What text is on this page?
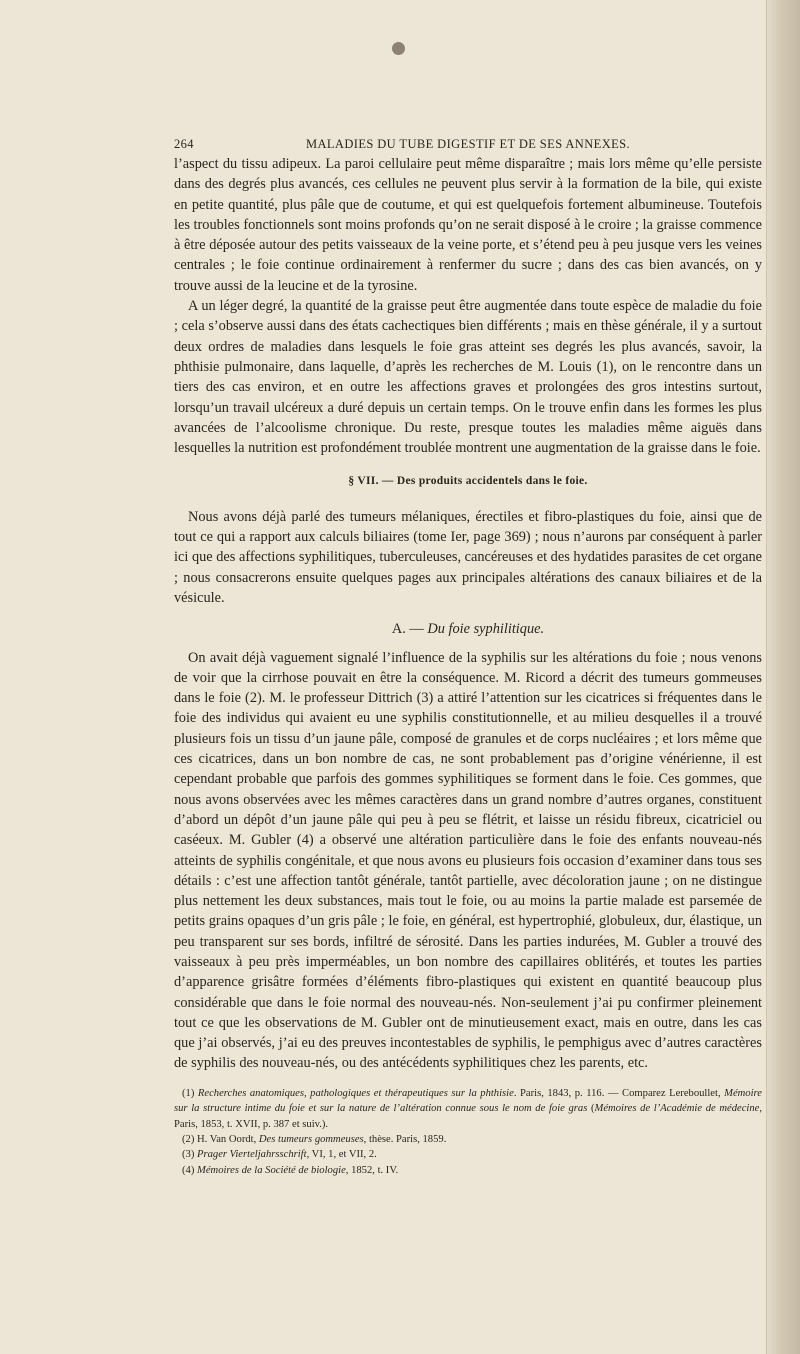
264	MALADIES DU TUBE DIGESTIF ET DE SES ANNEXES.

l’aspect du tissu adipeux. La paroi cellulaire peut même disparaître ; mais lors même qu’elle persiste dans des degrés plus avancés, ces cellules ne peuvent plus servir à la formation de la bile, qui existe en petite quantité, plus pâle que de coutume, et qui est quelquefois fortement albumineuse. Toutefois les troubles fonctionnels sont moins profonds qu’on ne serait disposé à le croire ; la graisse commence à être déposée autour des petits vaisseaux de la veine porte, et s’étend peu à peu jusque vers les veines centrales ; le foie continue ordinairement à renfermer du sucre ; dans des cas bien avancés, on y trouve aussi de la leucine et de la tyrosine.

A un léger degré, la quantité de la graisse peut être augmentée dans toute espèce de maladie du foie ; cela s’observe aussi dans des états cachectiques bien différents ; mais en thèse générale, il y a surtout deux ordres de maladies dans lesquels le foie gras atteint ses degrés les plus avancés, savoir, la phthisie pulmonaire, dans laquelle, d’après les recherches de M. Louis (1), on le rencontre dans un tiers des cas environ, et en outre les affections graves et prolongées des gros intestins surtout, lorsqu’un travail ulcéreux a duré depuis un certain temps. On le trouve enfin dans les formes les plus avancées de l’alcoolisme chronique. Du reste, presque toutes les maladies même aiguës dans lesquelles la nutrition est profondément troublée montrent une augmentation de la graisse dans le foie.

§ VII. — Des produits accidentels dans le foie.

Nous avons déjà parlé des tumeurs mélaniques, érectiles et fibro-plastiques du foie, ainsi que de tout ce qui a rapport aux calculs biliaires (tome Ier, page 369) ; nous n’aurons par conséquent à parler ici que des affections syphilitiques, tuberculeuses, cancéreuses et des hydatides parasites de cet organe ; nous consacrerons ensuite quelques pages aux principales altérations des canaux biliaires et de la vésicule.

A. — Du foie syphilitique.

On avait déjà vaguement signalé l’influence de la syphilis sur les altérations du foie ; nous venons de voir que la cirrhose pouvait en être la conséquence. M. Ricord a décrit des tumeurs gommeuses dans le foie (2). M. le professeur Dittrich (3) a attiré l’attention sur les cicatrices si fréquentes dans le foie des individus qui avaient eu une syphilis constitutionnelle, et au milieu desquelles il a trouvé plusieurs fois un tissu d’un jaune pâle, composé de granules et de corps nucléaires ; et lors même que ces cicatrices, dans un bon nombre de cas, ne sont probablement pas d’origine vénérienne, il est cependant probable que parfois des gommes syphilitiques se forment dans le foie. Ces gommes, que nous avons observées avec les mêmes caractères dans un grand nombre d’autres organes, constituent d’abord un dépôt d’un jaune pâle qui peu à peu se flétrit, et laisse un résidu fibreux, cicatriciel ou caséeux. M. Gubler (4) a observé une altération particulière dans le foie des enfants nouveau-nés atteints de syphilis congénitale, et que nous avons eu plusieurs fois occasion d’examiner dans tous ses détails : c’est une affection tantôt générale, tantôt partielle, avec décoloration jaune ; on ne distingue plus nettement les deux substances, mais tout le foie, ou au moins la partie malade est parsemée de petits grains opaques d’un gris pâle ; le foie, en général, est hypertrophié, globuleux, dur, élastique, un peu transparent sur ses bords, infiltré de sérosité. Dans les parties indurées, M. Gubler a trouvé des vaisseaux à peu près imperméables, un bon nombre des capillaires oblitérés, et toutes les parties d’apparence grisâtre formées d’éléments fibro-plastiques qui existent en quantité beaucoup plus considérable que dans le foie normal des nouveau-nés. Non-seulement j’ai pu confirmer pleinement tout ce que les observations de M. Gubler ont de minutieusement exact, mais en outre, dans les cas que j’ai observés, j’ai eu des preuves incontestables de syphilis, le pemphigus avec d’autres caractères de syphilis des nouveau-nés, ou des antécédents syphilitiques chez les parents, etc.

(1) Recherches anatomiques, pathologiques et thérapeutiques sur la phthisie. Paris, 1843, p. 116. — Comparez Lereboullet, Mémoire sur la structure intime du foie et sur la nature de l’altération connue sous le nom de foie gras (Mémoires de l’Académie de médecine, Paris, 1853, t. XVII, p. 387 et suiv.).

(2) H. Van Oordt, Des tumeurs gommeuses, thèse. Paris, 1859.

(3) Prager Vierteljahrsschrift, VI, 1, et VII, 2.

(4) Mémoires de la Société de biologie, 1852, t. IV.
